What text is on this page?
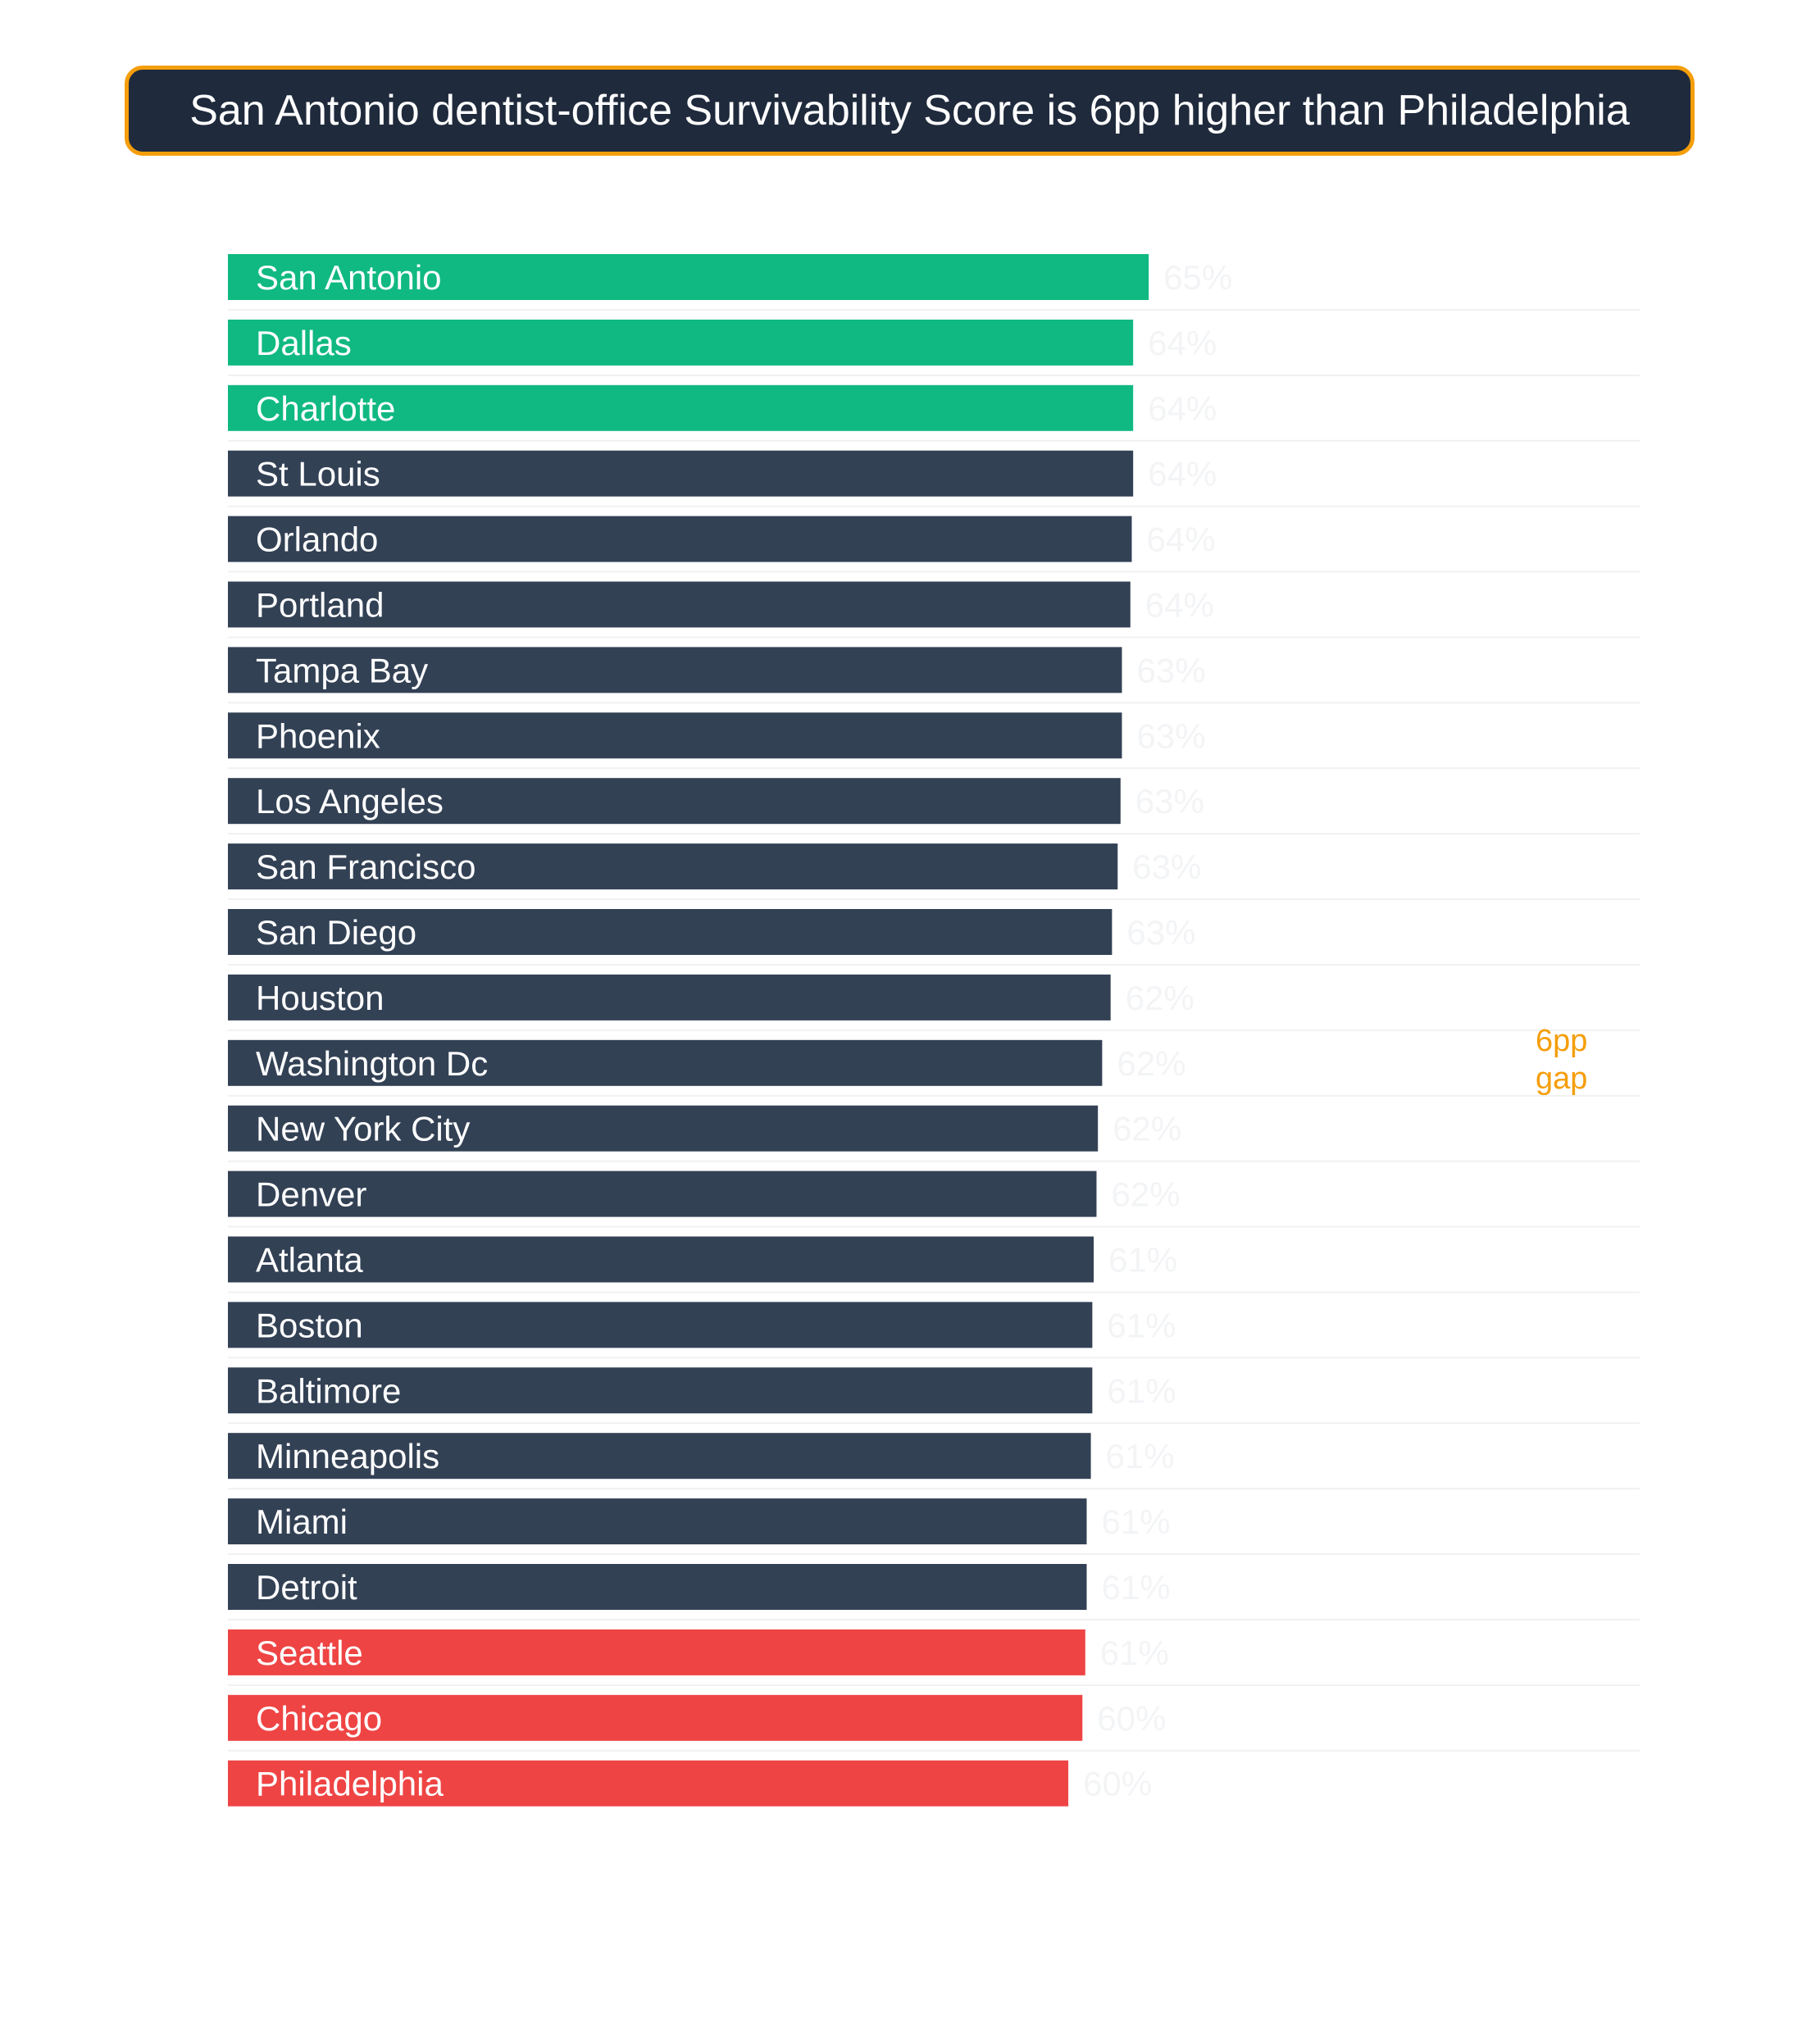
San Antonio dentist-office Survivability Score is 6pp higher than Philadelphia
San Antonio	65%
Dallas	64%
Charlotte	64%
St Louis	64%
Orlando	64%
Portland	64%
Tampa Bay	63%
Phoenix	63%
Los Angeles	63%
San Francisco	63%
San Diego	63%
Houston	62%
Washington Dc	62%
New York City	62%
Denver	62%
Atlanta	61%
Boston	61%
Baltimore	61%
Minneapolis	61%
Miami	61%
Detroit	61%
Seattle	61%
Chicago	60%
Philadelphia	60%
6pp
gap
